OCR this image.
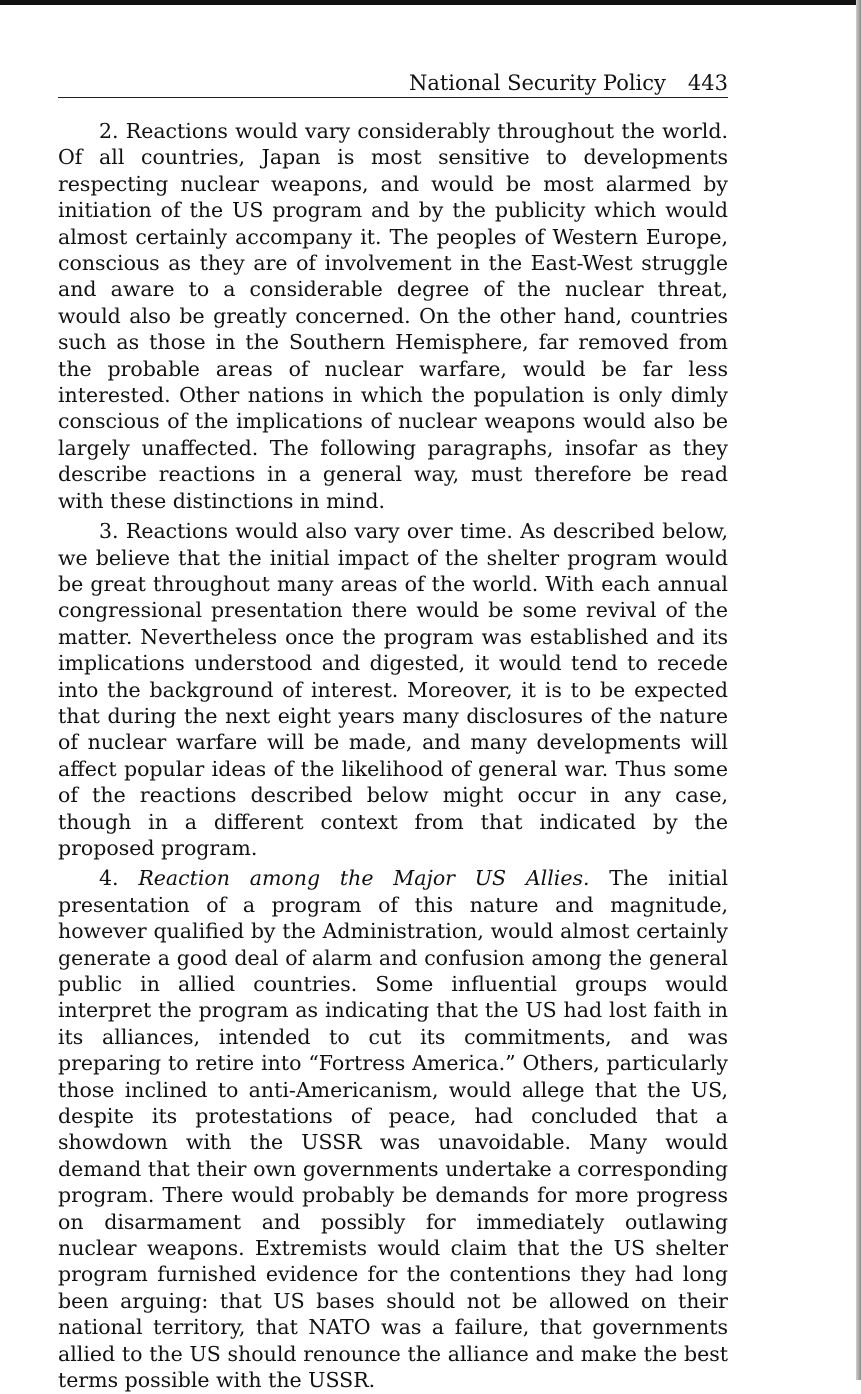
National Security Policy 443

2. Reactions would vary considerably throughout the world. Of all countries, Japan is most sensitive to developments respecting nuclear weapons, and would be most alarmed by initiation of the US program and by the publicity which would almost certainly accompany it. The peoples of Western Europe, conscious as they are of involvement in the East-West struggle and aware to a considerable degree of the nuclear threat, would also be greatly concerned. On the other hand, countries such as those in the Southern Hemisphere, far removed from the probable areas of nuclear warfare, would be far less interested. Other nations in which the population is only dimly conscious of the implications of nuclear weapons would also be largely unaffected. The following paragraphs, insofar as they describe reactions in a general way, must therefore be read with these distinctions in mind.

3. Reactions would also vary over time. As described below, we believe that the initial impact of the shelter program would be great throughout many areas of the world. With each annual congressional presentation there would be some revival of the matter. Nevertheless once the program was established and its implications understood and digested, it would tend to recede into the background of interest. Moreover, it is to be expected that during the next eight years many disclosures of the nature of nuclear warfare will be made, and many developments will affect popular ideas of the likelihood of general war. Thus some of the reactions described below might occur in any case, though in a different context from that indicated by the proposed program.

4. Reaction among the Major US Allies. The initial presentation of a program of this nature and magnitude, however qualified by the Administration, would almost certainly generate a good deal of alarm and confusion among the general public in allied countries. Some influential groups would interpret the program as indicating that the US had lost faith in its alliances, intended to cut its commitments, and was preparing to retire into “Fortress America.” Others, particularly those inclined to anti-Americanism, would allege that the US, despite its protestations of peace, had concluded that a showdown with the USSR was unavoidable. Many would demand that their own governments undertake a corresponding program. There would probably be demands for more progress on disarmament and possibly for immediately outlawing nuclear weapons. Extremists would claim that the US shelter program furnished evidence for the contentions they had long been arguing: that US bases should not be allowed on their national territory, that NATO was a failure, that governments allied to the US should renounce the alliance and make the best terms possible with the USSR.
